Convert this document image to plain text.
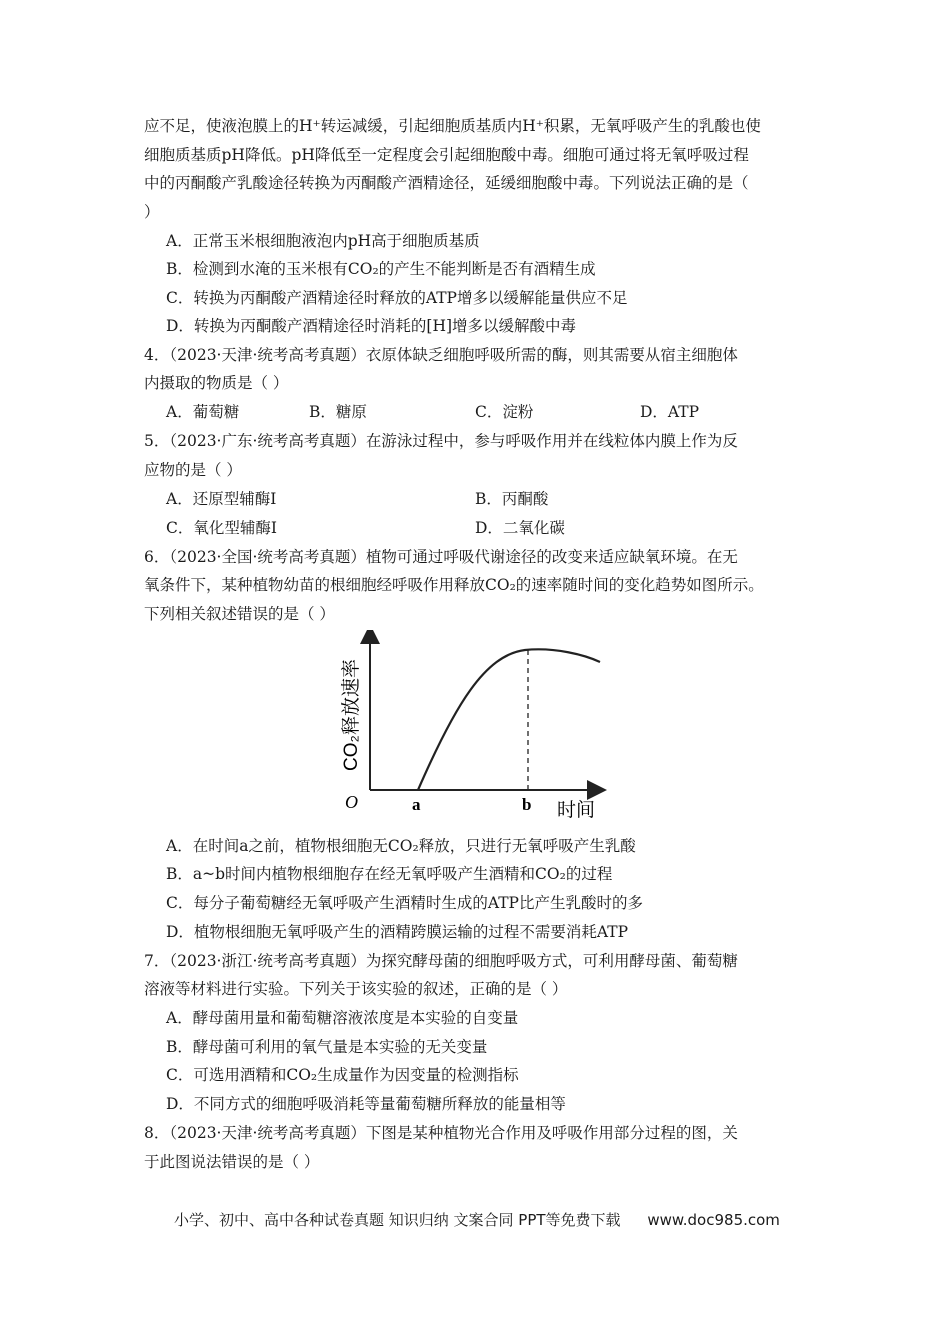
应不足，使液泡膜上的H⁺转运减缓，引起细胞质基质内H⁺积累，无氧呼吸产生的乳酸也使
细胞质基质pH降低。pH降低至一定程度会引起细胞酸中毒。细胞可通过将无氧呼吸过程
中的丙酮酸产乳酸途径转换为丙酮酸产酒精途径，延缓细胞酸中毒。下列说法正确的是（
）
A．正常玉米根细胞液泡内pH高于细胞质基质
B．检测到水淹的玉米根有CO₂的产生不能判断是否有酒精生成
C．转换为丙酮酸产酒精途径时释放的ATP增多以缓解能量供应不足
D．转换为丙酮酸产酒精途径时消耗的[H]增多以缓解酸中毒
4．（2023·天津·统考高考真题）衣原体缺乏细胞呼吸所需的酶，则其需要从宿主细胞体
内摄取的物质是（ ）
A．葡萄糖	B．糖原	C．淀粉	D．ATP
5．（2023·广东·统考高考真题）在游泳过程中，参与呼吸作用并在线粒体内膜上作为反
应物的是（ ）
A．还原型辅酶Ⅰ	B．丙酮酸
C．氧化型辅酶Ⅰ	D．二氧化碳
6．（2023·全国·统考高考真题）植物可通过呼吸代谢途径的改变来适应缺氧环境。在无
氧条件下，某种植物幼苗的根细胞经呼吸作用释放CO₂的速率随时间的变化趋势如图所示。
下列相关叙述错误的是（ ）
CO₂释放速率
O	a	b 时间
A．在时间a之前，植物根细胞无CO₂释放，只进行无氧呼吸产生乳酸
B．a~b时间内植物根细胞存在经无氧呼吸产生酒精和CO₂的过程
C．每分子葡萄糖经无氧呼吸产生酒精时生成的ATP比产生乳酸时的多
D．植物根细胞无氧呼吸产生的酒精跨膜运输的过程不需要消耗ATP
7．（2023·浙江·统考高考真题）为探究酵母菌的细胞呼吸方式，可利用酵母菌、葡萄糖
溶液等材料进行实验。下列关于该实验的叙述，正确的是（ ）
A．酵母菌用量和葡萄糖溶液浓度是本实验的自变量
B．酵母菌可利用的氧气量是本实验的无关变量
C．可选用酒精和CO₂生成量作为因变量的检测指标
D．不同方式的细胞呼吸消耗等量葡萄糖所释放的能量相等
8．（2023·天津·统考高考真题）下图是某种植物光合作用及呼吸作用部分过程的图，关
于此图说法错误的是（ ）
小学、初中、高中各种试卷真题 知识归纳 文案合同 PPT等免费下载 www.doc985.com
